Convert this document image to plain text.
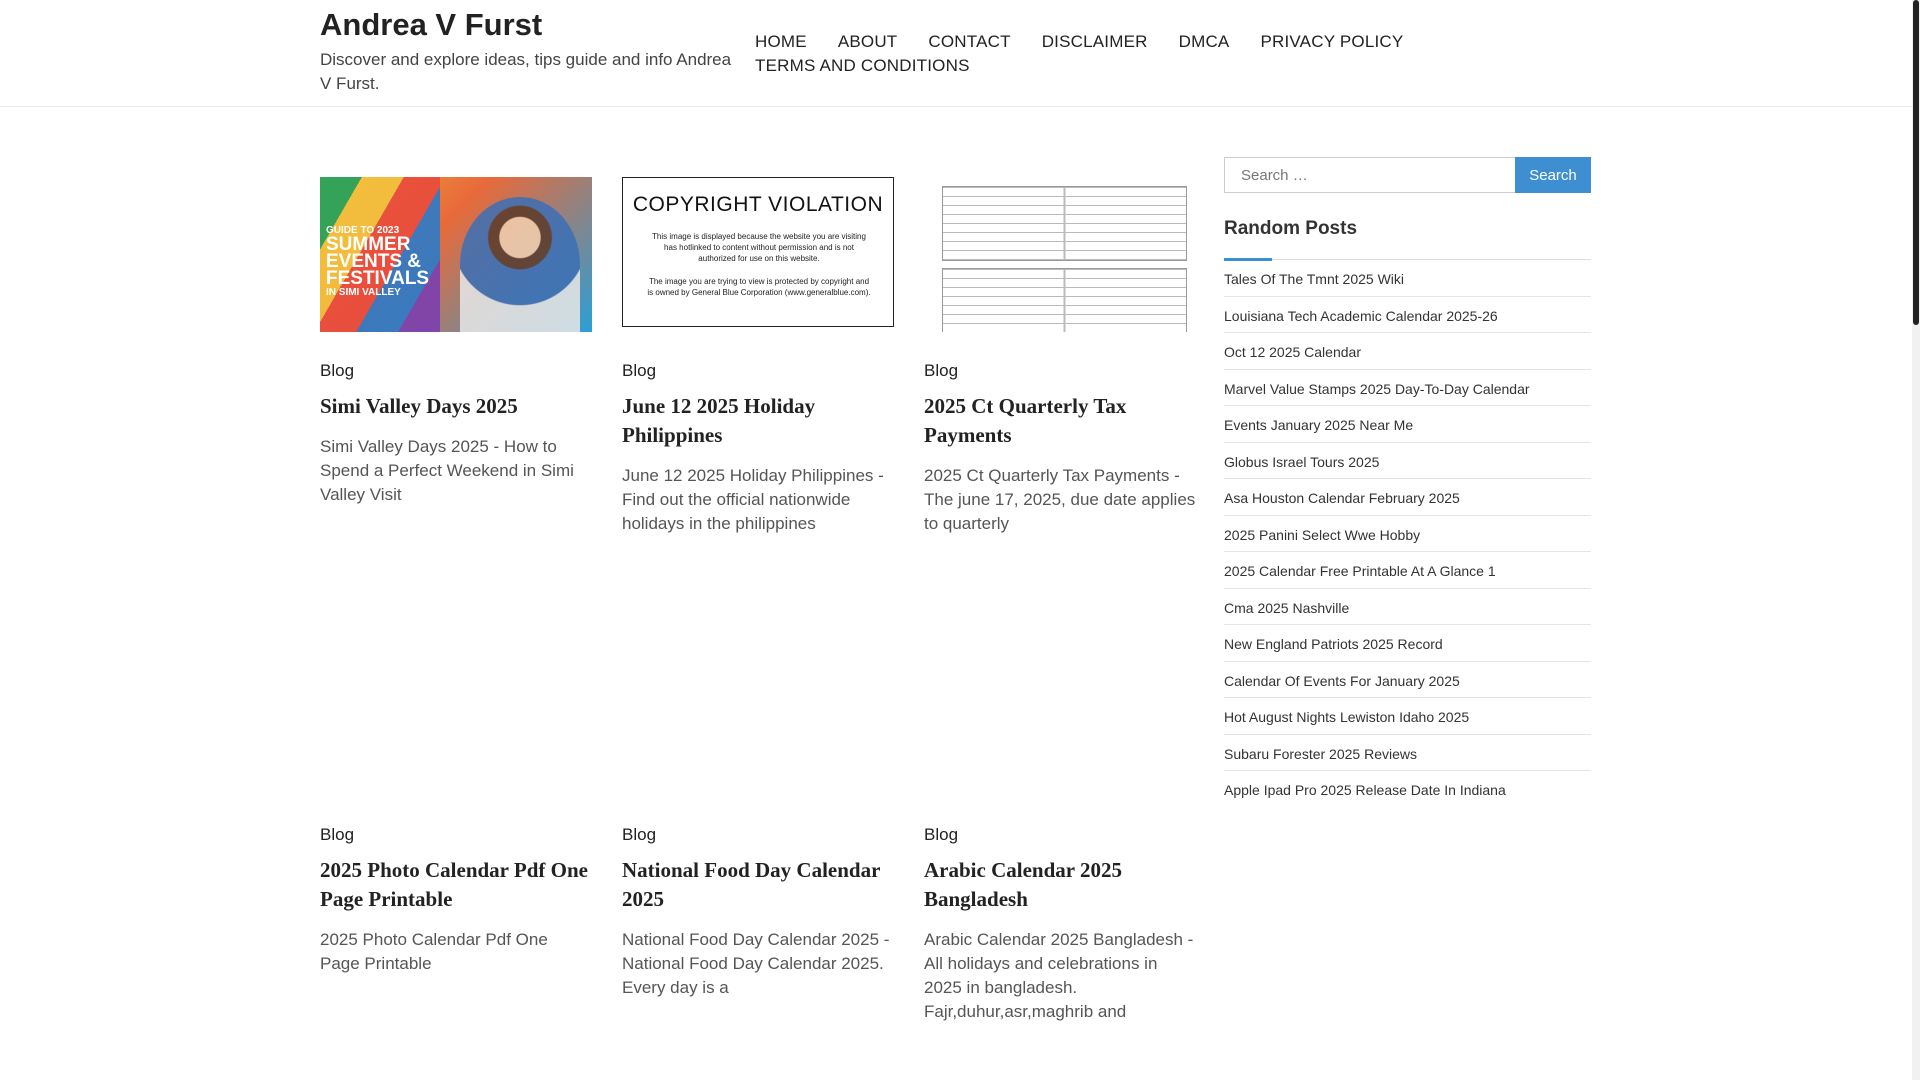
Andrea V Furst
Discover and explore ideas, tips guide and info Andrea V Furst.
HOME ABOUT CONTACT DISCLAIMER DMCA PRIVACY POLICY
TERMS AND CONDITIONS
GUIDE TO 2023
SUMMER EVENTS & FESTIVALS
IN SIMI VALLEY
Blog
Simi Valley Days 2025
Simi Valley Days 2025 - How to Spend a Perfect Weekend in Simi Valley Visit
COPYRIGHT VIOLATION
This image is displayed because the website you are visiting has hotlinked to content without permission and is not authorized for use on this website.
The image you are trying to view is protected by copyright and is owned by General Blue Corporation (www.generalblue.com).
Blog
June 12 2025 Holiday Philippines
June 12 2025 Holiday Philippines - Find out the official nationwide holidays in the philippines
Blog
2025 Ct Quarterly Tax Payments
2025 Ct Quarterly Tax Payments - The june 17, 2025, due date applies to quarterly
Blog
2025 Photo Calendar Pdf One Page Printable
2025 Photo Calendar Pdf One Page Printable
Blog
National Food Day Calendar 2025
National Food Day Calendar 2025 - National Food Day Calendar 2025. Every day is a
Blog
Arabic Calendar 2025 Bangladesh
Arabic Calendar 2025 Bangladesh - All holidays and celebrations in 2025 in bangladesh. Fajr,duhur,asr,maghrib and
Search …
Search
Random Posts
Tales Of The Tmnt 2025 Wiki
Louisiana Tech Academic Calendar 2025-26
Oct 12 2025 Calendar
Marvel Value Stamps 2025 Day-To-Day Calendar
Events January 2025 Near Me
Globus Israel Tours 2025
Asa Houston Calendar February 2025
2025 Panini Select Wwe Hobby
2025 Calendar Free Printable At A Glance 1
Cma 2025 Nashville
New England Patriots 2025 Record
Calendar Of Events For January 2025
Hot August Nights Lewiston Idaho 2025
Subaru Forester 2025 Reviews
Apple Ipad Pro 2025 Release Date In Indiana
